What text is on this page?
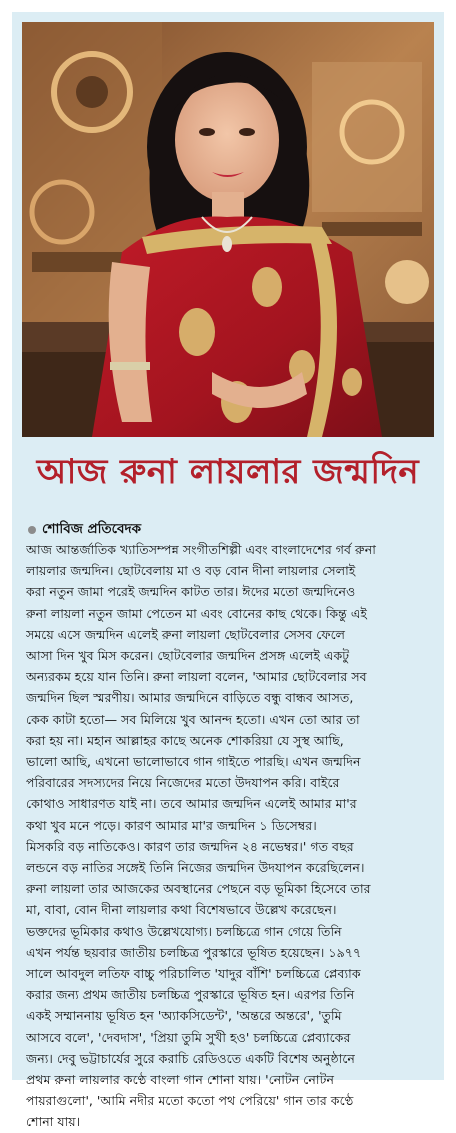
আজ রুনা লায়লার জন্মদিন
শোবিজ প্রতিবেদক
আজ আন্তর্জাতিক খ্যাতিসম্পন্ন সংগীতশিল্পী এবং বাংলাদেশের গর্ব রুনা
লায়লার জন্মদিন। ছোটবেলায় মা ও বড় বোন দীনা লায়লার সেলাই
করা নতুন জামা পরেই জন্মদিন কাটত তার। ঈদের মতো জন্মদিনেও
রুনা লায়লা নতুন জামা পেতেন মা এবং বোনের কাছ থেকে। কিন্তু এই
সময়ে এসে জন্মদিন এলেই রুনা লায়লা ছোটবেলার সেসব ফেলে
আসা দিন খুব মিস করেন। ছোটবেলার জন্মদিন প্রসঙ্গ এলেই একটু
অন্যরকম হয়ে যান তিনি। রুনা লায়লা বলেন, 'আমার ছোটবেলার সব
জন্মদিন ছিল স্মরণীয়। আমার জন্মদিনে বাড়িতে বন্ধু বান্ধব আসত,
কেক কাটা হতো— সব মিলিয়ে খুব আনন্দ হতো। এখন তো আর তা
করা হয় না। মহান আল্লাহর কাছে অনেক শোকরিয়া যে সুস্থ আছি,
ভালো আছি, এখনো ভালোভাবে গান গাইতে পারছি। এখন জন্মদিন
পরিবারের সদস্যদের নিয়ে নিজেদের মতো উদযাপন করি। বাইরে
কোথাও সাধারণত যাই না। তবে আমার জন্মদিন এলেই আমার মা'র
কথা খুব মনে পড়ে। কারণ আমার মা'র জন্মদিন ১ ডিসেম্বর।
মিসকরি বড় নাতিকেও। কারণ তার জন্মদিন ২৪ নভেম্বর।' গত বছর
লন্ডনে বড় নাতির সঙ্গেই তিনি নিজের জন্মদিন উদযাপন করেছিলেন।
রুনা লায়লা তার আজকের অবস্থানের পেছনে বড় ভূমিকা হিসেবে তার
মা, বাবা, বোন দীনা লায়লার কথা বিশেষভাবে উল্লেখ করেছেন।
ভক্তদের ভূমিকার কথাও উল্লেখযোগ্য। চলচ্চিত্রে গান গেয়ে তিনি
এখন পর্যন্ত ছয়বার জাতীয় চলচ্চিত্র পুরস্কারে ভূষিত হয়েছেন। ১৯৭৭
সালে আবদুল লতিফ বাচ্চু পরিচালিত 'যাদুর বাঁশি' চলচ্চিত্রে প্লেব্যাক
করার জন্য প্রথম জাতীয় চলচ্চিত্র পুরস্কারে ভূষিত হন। এরপর তিনি
একই সম্মাননায় ভূষিত হন 'অ্যাকসিডেন্ট', 'অন্তরে অন্তরে', 'তুমি
আসবে বলে', 'দেবদাস', 'প্রিয়া তুমি সুখী হও' চলচ্চিত্রে প্লেব্যাকের
জন্য। দেবু ভট্টাচার্যের সুরে করাচি রেডিওতে একটি বিশেষ অনুষ্ঠানে
প্রথম রুনা লায়লার কণ্ঠে বাংলা গান শোনা যায়। 'নোটন নোটন
পায়রাগুলো', 'আমি নদীর মতো কতো পথ পেরিয়ে' গান তার কণ্ঠে
শোনা যায়।
